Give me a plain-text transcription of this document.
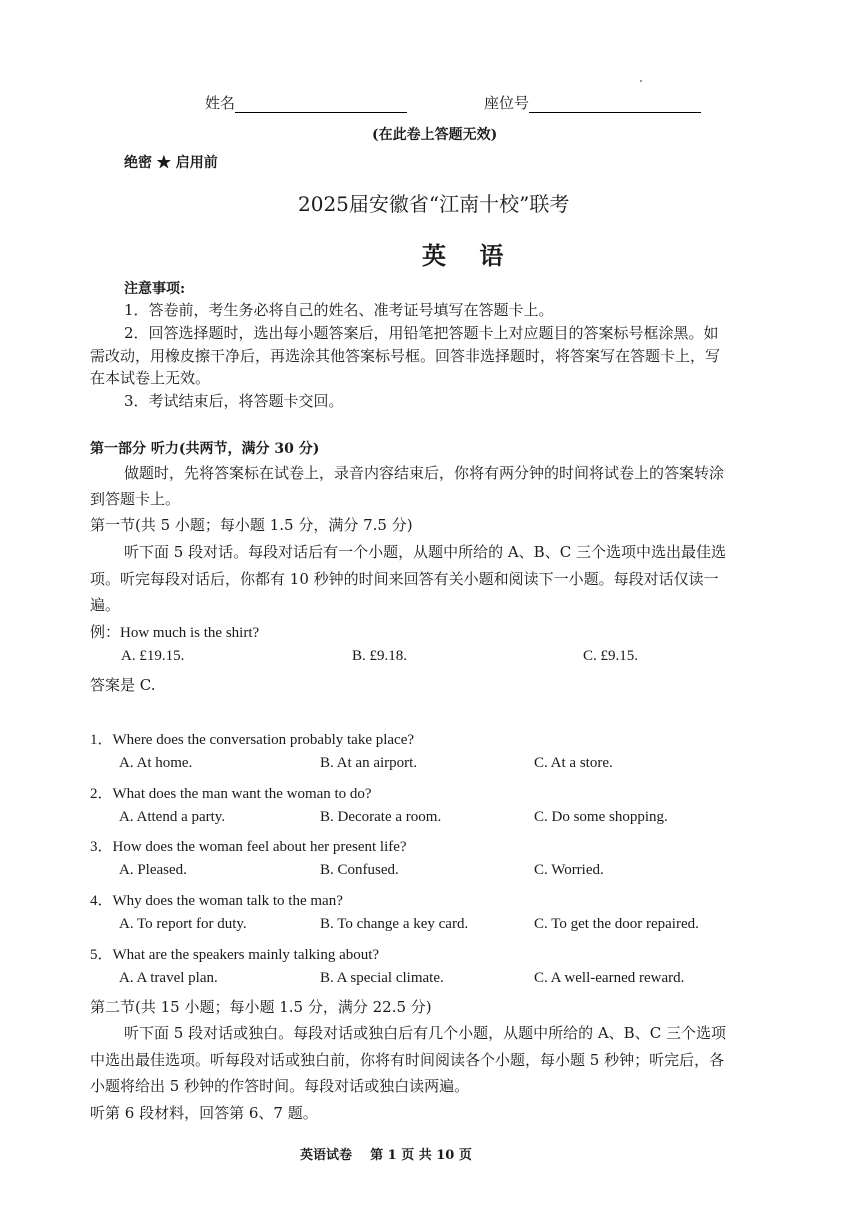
姓名	座位号
(在此卷上答题无效)
绝密 ★ 启用前
2025届安徽省“江南十校”联考
英    语
注意事项:
1．答卷前，考生务必将自己的姓名、准考证号填写在答题卡上。
2．回答选择题时，选出每小题答案后，用铅笔把答题卡上对应题目的答案标号框涂黑。如
需改动，用橡皮擦干净后，再选涂其他答案标号框。回答非选择题时，将答案写在答题卡上，写
在本试卷上无效。
3．考试结束后，将答题卡交回。
第一部分 听力(共两节，满分 30 分)
做题时，先将答案标在试卷上，录音内容结束后，你将有两分钟的时间将试卷上的答案转涂
到答题卡上。
第一节(共 5 小题；每小题 1.5 分，满分 7.5 分)
听下面 5 段对话。每段对话后有一个小题，从题中所给的 A、B、C 三个选项中选出最佳选
项。听完每段对话后，你都有 10 秒钟的时间来回答有关小题和阅读下一小题。每段对话仅读一
遍。
例：How much is the shirt?
A. £19.15.	B. £9.18.	C. £9.15.
答案是 C.
1．Where does the conversation probably take place?
A. At home.	B. At an airport.	C. At a store.
2．What does the man want the woman to do?
A. Attend a party.	B. Decorate a room.	C. Do some shopping.
3．How does the woman feel about her present life?
A. Pleased.	B. Confused.	C. Worried.
4．Why does the woman talk to the man?
A. To report for duty.	B. To change a key card.	C. To get the door repaired.
5．What are the speakers mainly talking about?
A. A travel plan.	B. A special climate.	C. A well-earned reward.
第二节(共 15 小题；每小题 1.5 分，满分 22.5 分)
听下面 5 段对话或独白。每段对话或独白后有几个小题，从题中所给的 A、B、C 三个选项
中选出最佳选项。听每段对话或独白前，你将有时间阅读各个小题，每小题 5 秒钟；听完后，各
小题将给出 5 秒钟的作答时间。每段对话或独白读两遍。
听第 6 段材料，回答第 6、7 题。
英语试卷    第 1 页 共 10 页
